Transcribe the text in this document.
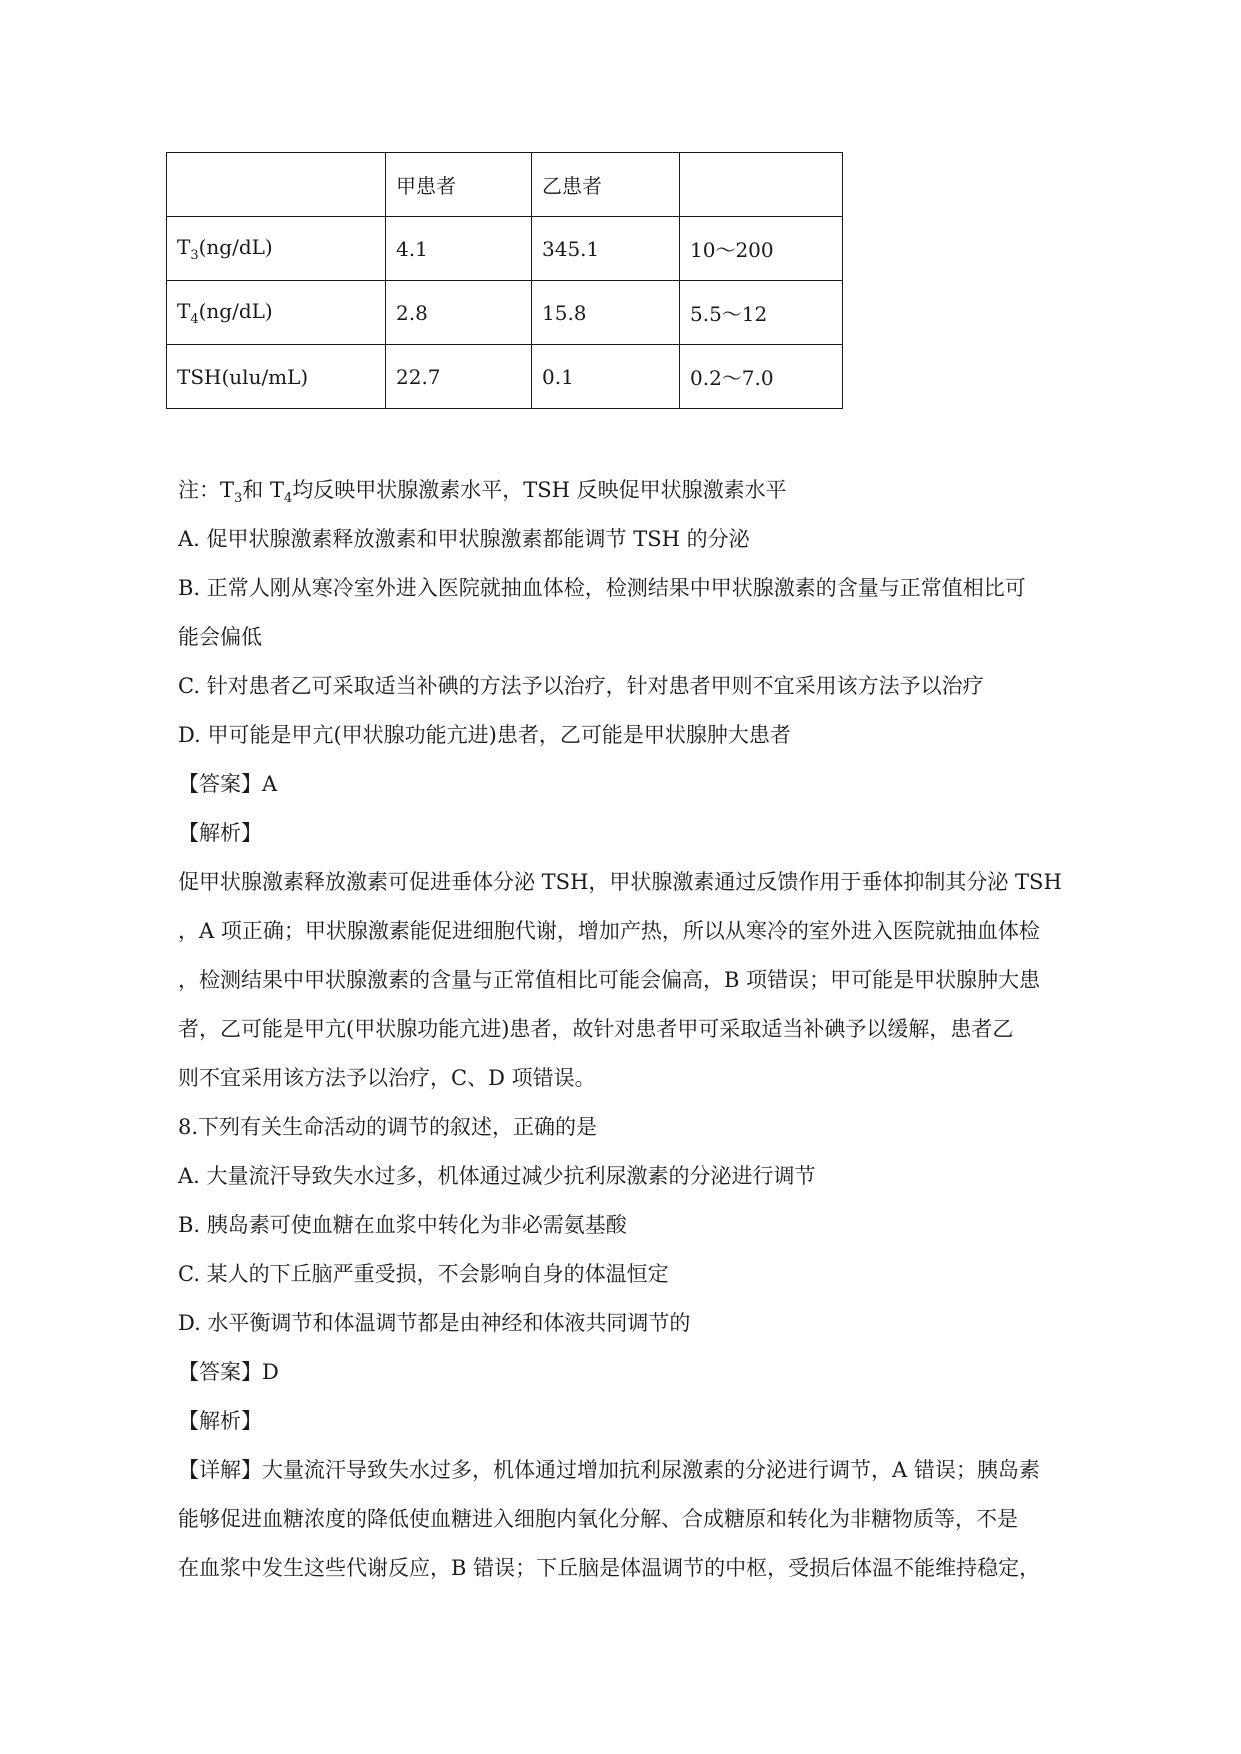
	甲患者	乙患者	
$T_3(ng/dL)$	4.1	345.1	10～200
$T_4(ng/dL)$	2.8	15.8	5.5～12
TSH(ulu/mL)	22.7	0.1	0.2～7.0
注：$T_3$和 $T_4$均反映甲状腺激素水平，TSH 反映促甲状腺激素水平
A. 促甲状腺激素释放激素和甲状腺激素都能调节 TSH 的分泌
B. 正常人刚从寒冷室外进入医院就抽血体检，检测结果中甲状腺激素的含量与正常值相比可
能会偏低
C. 针对患者乙可采取适当补碘的方法予以治疗，针对患者甲则不宜采用该方法予以治疗
D. 甲可能是甲亢(甲状腺功能亢进)患者，乙可能是甲状腺肿大患者
【答案】A
【解析】
促甲状腺激素释放激素可促进垂体分泌 TSH，甲状腺激素通过反馈作用于垂体抑制其分泌 TSH
，A 项正确；甲状腺激素能促进细胞代谢，增加产热，所以从寒冷的室外进入医院就抽血体检
，检测结果中甲状腺激素的含量与正常值相比可能会偏高，B 项错误；甲可能是甲状腺肿大患
者，乙可能是甲亢(甲状腺功能亢进)患者，故针对患者甲可采取适当补碘予以缓解，患者乙
则不宜采用该方法予以治疗，C、D 项错误。
8.下列有关生命活动的调节的叙述，正确的是
A. 大量流汗导致失水过多，机体通过减少抗利尿激素的分泌进行调节
B. 胰岛素可使血糖在血浆中转化为非必需氨基酸
C. 某人的下丘脑严重受损，不会影响自身的体温恒定
D. 水平衡调节和体温调节都是由神经和体液共同调节的
【答案】D
【解析】
【详解】大量流汗导致失水过多，机体通过增加抗利尿激素的分泌进行调节，A 错误；胰岛素
能够促进血糖浓度的降低使血糖进入细胞内氧化分解、合成糖原和转化为非糖物质等，不是
在血浆中发生这些代谢反应，B 错误；下丘脑是体温调节的中枢，受损后体温不能维持稳定，
